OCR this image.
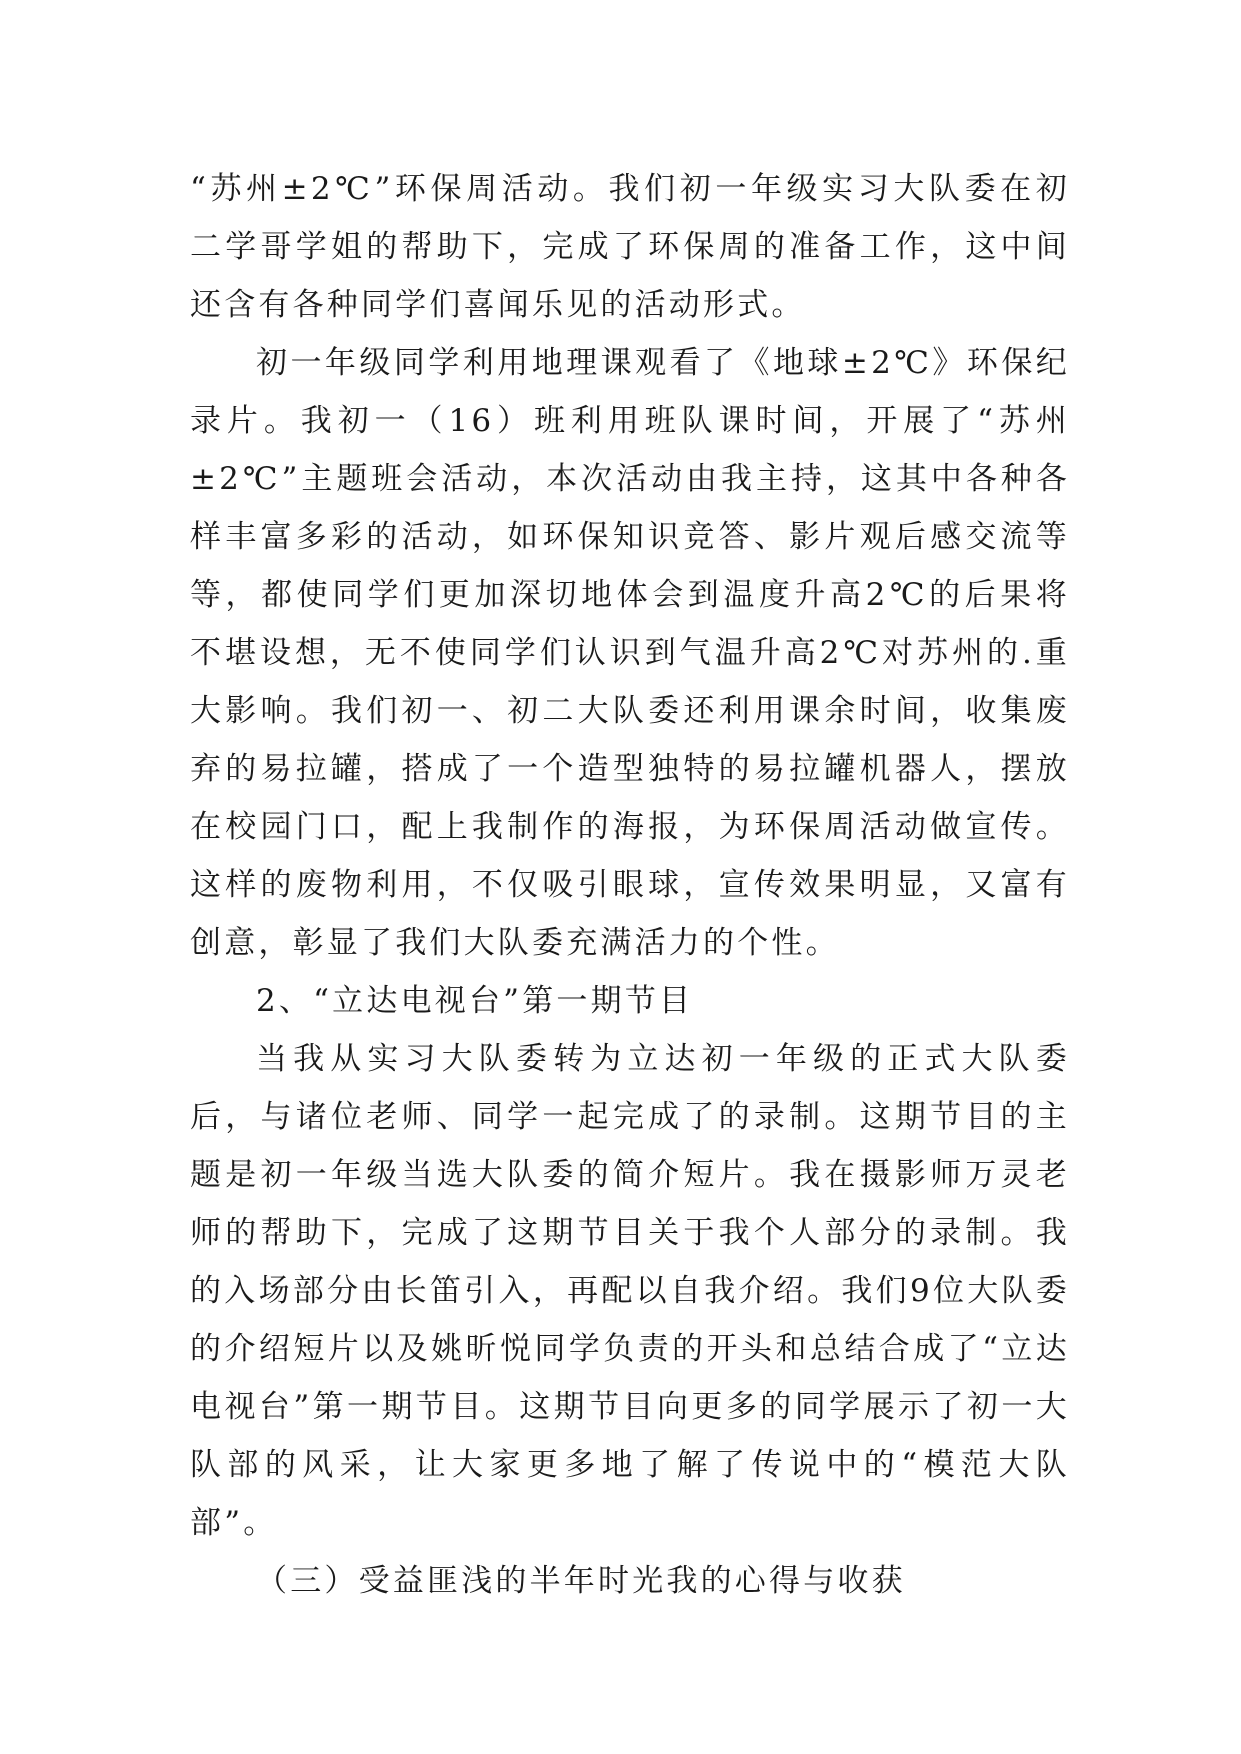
“苏州±2℃”环保周活动。我们初一年级实习大队委在初二学哥学姐的帮助下，完成了环保周的准备工作，这中间还含有各种同学们喜闻乐见的活动形式。

初一年级同学利用地理课观看了《地球±2℃》环保纪录片。我初一（16）班利用班队课时间，开展了“苏州±2℃”主题班会活动，本次活动由我主持，这其中各种各样丰富多彩的活动，如环保知识竞答、影片观后感交流等等，都使同学们更加深切地体会到温度升高2℃的后果将不堪设想，无不使同学们认识到气温升高2℃对苏州的.重大影响。我们初一、初二大队委还利用课余时间，收集废弃的易拉罐，搭成了一个造型独特的易拉罐机器人，摆放在校园门口，配上我制作的海报，为环保周活动做宣传。这样的废物利用，不仅吸引眼球，宣传效果明显，又富有创意，彰显了我们大队委充满活力的个性。

2、“立达电视台”第一期节目

当我从实习大队委转为立达初一年级的正式大队委后，与诸位老师、同学一起完成了的录制。这期节目的主题是初一年级当选大队委的简介短片。我在摄影师万灵老师的帮助下，完成了这期节目关于我个人部分的录制。我的入场部分由长笛引入，再配以自我介绍。我们9位大队委的介绍短片以及姚昕悦同学负责的开头和总结合成了“立达电视台”第一期节目。这期节目向更多的同学展示了初一大队部的风采，让大家更多地了解了传说中的“模范大队部”。

（三）受益匪浅的半年时光我的心得与收获
